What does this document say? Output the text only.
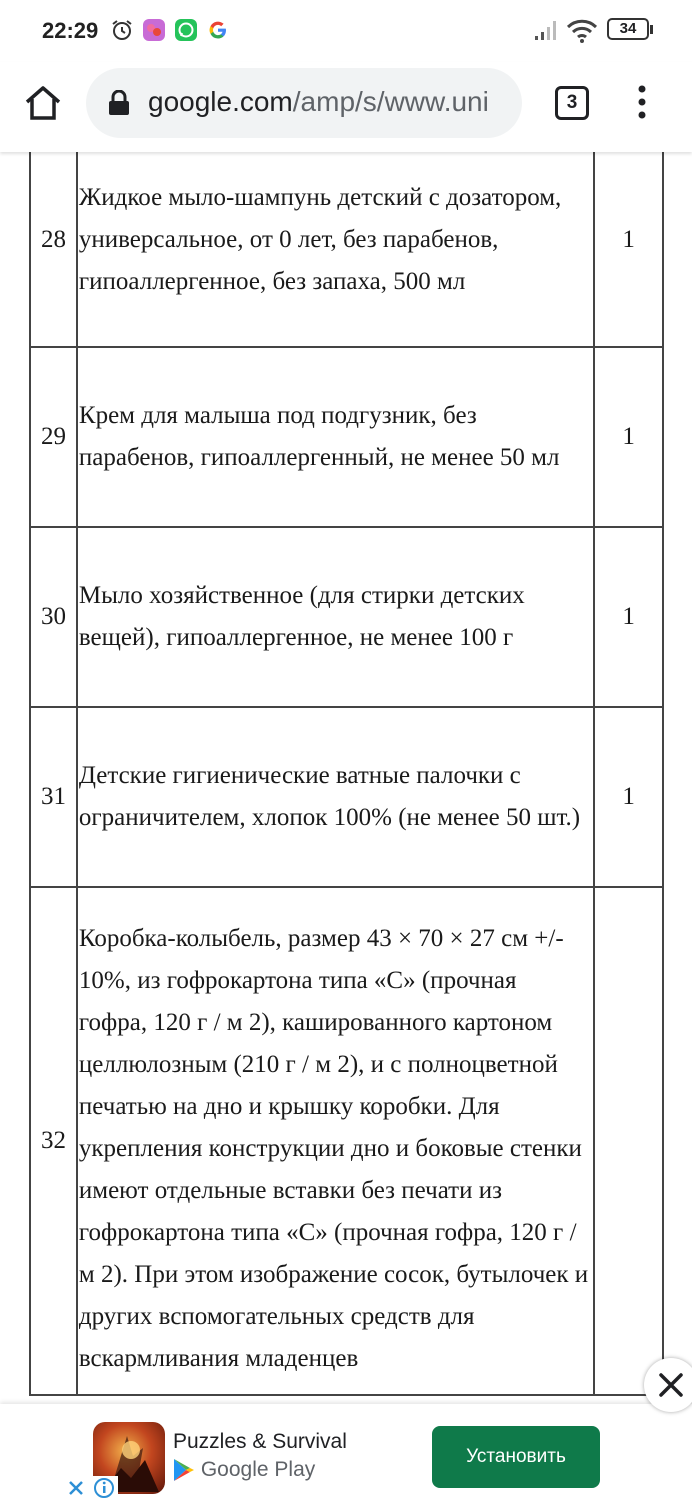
22:29	34
google.com/amp/s/www.uni	3
28	Жидкое мыло-шампунь детский с дозатором, универсальное, от 0 лет, без парабенов, гипоаллергенное, без запаха, 500 мл	1
29	Крем для малыша под подгузник, без парабенов, гипоаллергенный, не менее 50 мл	1
30	Мыло хозяйственное (для стирки детских вещей), гипоаллергенное, не менее 100 г	1
31	Детские гигиенические ватные палочки с ограничителем, хлопок 100% (не менее 50 шт.)	1
32	Коробка-колыбель, размер 43 × 70 × 27 см +/- 10%, из гофрокартона типа «С» (прочная гофра, 120 г / м 2), кашированного картоном целлюлозным (210 г / м 2), и с полноцветной печатью на дно и крышку коробки. Для укрепления конструкции дно и боковые стенки имеют отдельные вставки без печати из гофрокартона типа «С» (прочная гофра, 120 г / м 2). При этом изображение сосок, бутылочек и других вспомогательных средств для вскармливания младенцев	
Puzzles & Survival
Google Play
Установить
